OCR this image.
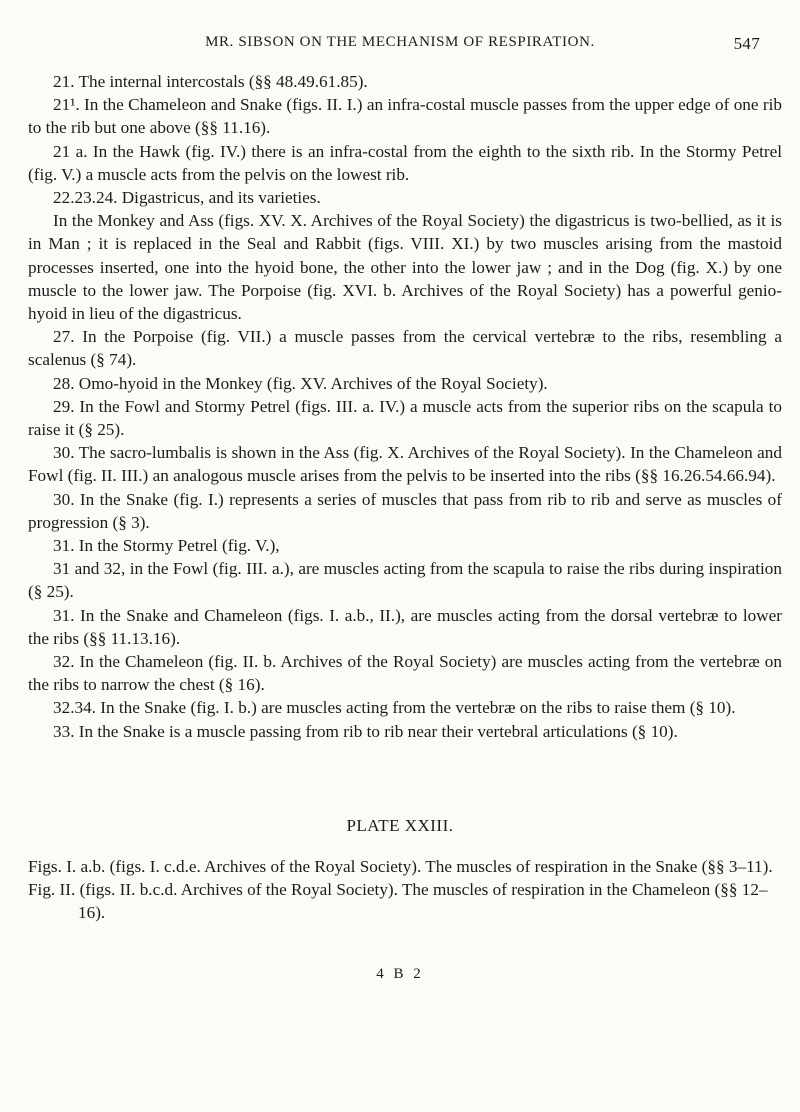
MR. SIBSON ON THE MECHANISM OF RESPIRATION.	547

21. The internal intercostals (§§ 48.49.61.85).

21¹. In the Chameleon and Snake (figs. II. I.) an infra-costal muscle passes from the upper edge of one rib to the rib but one above (§§ 11.16).

21 a. In the Hawk (fig. IV.) there is an infra-costal from the eighth to the sixth rib. In the Stormy Petrel (fig. V.) a muscle acts from the pelvis on the lowest rib.

22.23.24. Digastricus, and its varieties.

In the Monkey and Ass (figs. XV. X. Archives of the Royal Society) the digastricus is two-bellied, as it is in Man ; it is replaced in the Seal and Rabbit (figs. VIII. XI.) by two muscles arising from the mastoid processes inserted, one into the hyoid bone, the other into the lower jaw ; and in the Dog (fig. X.) by one muscle to the lower jaw. The Porpoise (fig. XVI. b. Archives of the Royal Society) has a powerful genio-hyoid in lieu of the digastricus.

27. In the Porpoise (fig. VII.) a muscle passes from the cervical vertebræ to the ribs, resembling a scalenus (§ 74).

28. Omo-hyoid in the Monkey (fig. XV. Archives of the Royal Society).

29. In the Fowl and Stormy Petrel (figs. III. a. IV.) a muscle acts from the superior ribs on the scapula to raise it (§ 25).

30. The sacro-lumbalis is shown in the Ass (fig. X. Archives of the Royal Society). In the Chameleon and Fowl (fig. II. III.) an analogous muscle arises from the pelvis to be inserted into the ribs (§§ 16.26.54.66.94).

30. In the Snake (fig. I.) represents a series of muscles that pass from rib to rib and serve as muscles of progression (§ 3).

31. In the Stormy Petrel (fig. V.),

31 and 32, in the Fowl (fig. III. a.), are muscles acting from the scapula to raise the ribs during inspiration (§ 25).

31. In the Snake and Chameleon (figs. I. a.b., II.), are muscles acting from the dorsal vertebræ to lower the ribs (§§ 11.13.16).

32. In the Chameleon (fig. II. b. Archives of the Royal Society) are muscles acting from the vertebræ on the ribs to narrow the chest (§ 16).

32.34. In the Snake (fig. I. b.) are muscles acting from the vertebræ on the ribs to raise them (§ 10).

33. In the Snake is a muscle passing from rib to rib near their vertebral articulations (§ 10).

PLATE XXIII.

Figs. I. a.b. (figs. I. c.d.e. Archives of the Royal Society). The muscles of respiration in the Snake (§§ 3–11).

Fig. II. (figs. II. b.c.d. Archives of the Royal Society). The muscles of respiration in the Chameleon (§§ 12–16).

4 B 2
